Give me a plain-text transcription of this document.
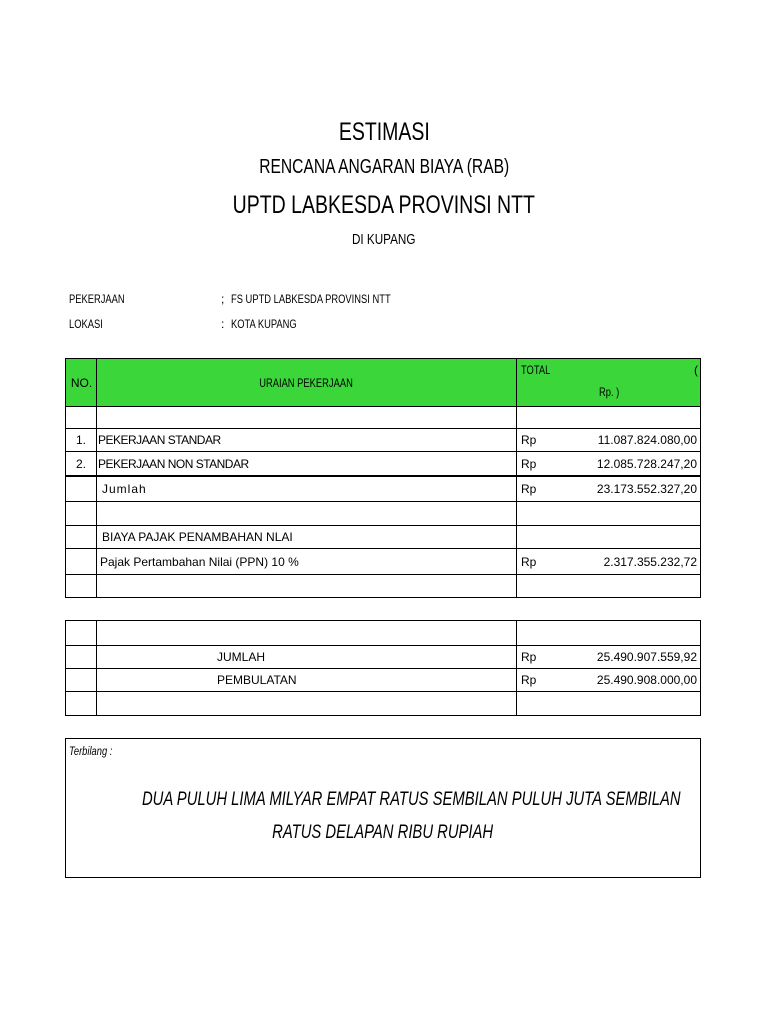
ESTIMASI
RENCANA ANGARAN BIAYA (RAB)
UPTD LABKESDA PROVINSI NTT
DI KUPANG
PEKERJAAN	; FS UPTD LABKESDA PROVINSI NTT
LOKASI	: KOTA KUPANG
NO.	URAIAN PEKERJAAN
TOTAL	(
Rp. )
1. PEKERJAAN STANDAR	Rp	11.087.824.080,00
2. PEKERJAAN NON STANDAR	Rp	12.085.728.247,20
Jumlah	Rp	23.173.552.327,20
BIAYA PAJAK PENAMBAHAN NLAI
Pajak Pertambahan Nilai (PPN) 10 %	Rp	2.317.355.232,72
JUMLAH	Rp	25.490.907.559,92
PEMBULATAN	Rp	25.490.908.000,00
Terbilang :
DUA PULUH LIMA MILYAR EMPAT RATUS SEMBILAN PULUH JUTA SEMBILAN
RATUS DELAPAN RIBU RUPIAH
